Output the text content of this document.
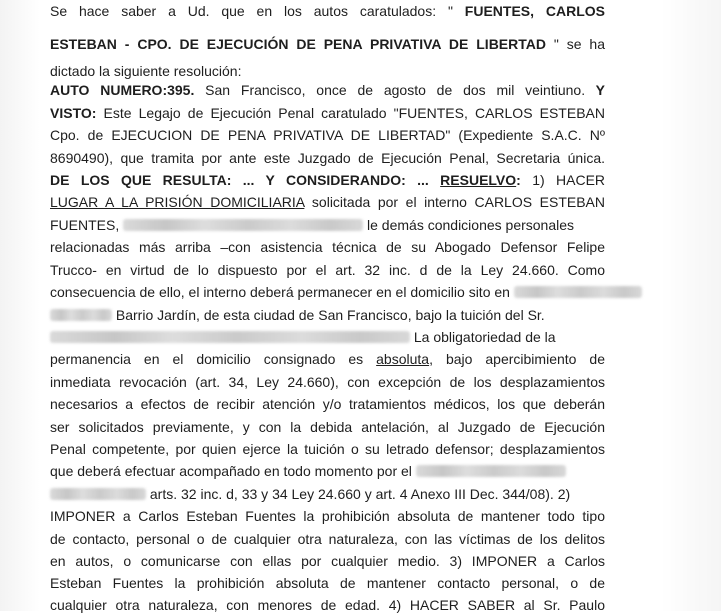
Se hace saber a Ud. que en los autos caratulados: " FUENTES, CARLOS
ESTEBAN - CPO. DE EJECUCIÓN DE PENA PRIVATIVA DE LIBERTAD " se ha
dictado la siguiente resolución:
AUTO NUMERO:395. San Francisco, once de agosto de dos mil veintiuno. Y
VISTO: Este Legajo de Ejecución Penal caratulado "FUENTES, CARLOS ESTEBAN
Cpo. de EJECUCION DE PENA PRIVATIVA DE LIBERTAD" (Expediente S.A.C. Nº
8690490), que tramita por ante este Juzgado de Ejecución Penal, Secretaria única.
DE LOS QUE RESULTA: ... Y CONSIDERANDO: ... RESUELVO: 1) HACER
LUGAR A LA PRISIÓN DOMICILIARIA solicitada por el interno CARLOS ESTEBAN
FUENTES,	le demás condiciones personales
relacionadas más arriba –con asistencia técnica de su Abogado Defensor Felipe
Trucco- en virtud de lo dispuesto por el art. 32 inc. d de la Ley 24.660. Como
consecuencia de ello, el interno deberá permanecer en el domicilio sito en
Barrio Jardín, de esta ciudad de San Francisco, bajo la tuición del Sr.
La obligatoriedad de la
permanencia en el domicilio consignado es absoluta, bajo apercibimiento de
inmediata revocación (art. 34, Ley 24.660), con excepción de los desplazamientos
necesarios a efectos de recibir atención y/o tratamientos médicos, los que deberán
ser solicitados previamente, y con la debida antelación, al Juzgado de Ejecución
Penal competente, por quien ejerce la tuición o su letrado defensor; desplazamientos
que deberá efectuar acompañado en todo momento por el
arts. 32 inc. d, 33 y 34 Ley 24.660 y art. 4 Anexo III Dec. 344/08). 2)
IMPONER a Carlos Esteban Fuentes la prohibición absoluta de mantener todo tipo
de contacto, personal o de cualquier otra naturaleza, con las víctimas de los delitos
en autos, o comunicarse con ellas por cualquier medio. 3) IMPONER a Carlos
Esteban Fuentes la prohibición absoluta de mantener contacto personal, o de
cualquier otra naturaleza, con menores de edad. 4) HACER SABER al Sr. Paulo
